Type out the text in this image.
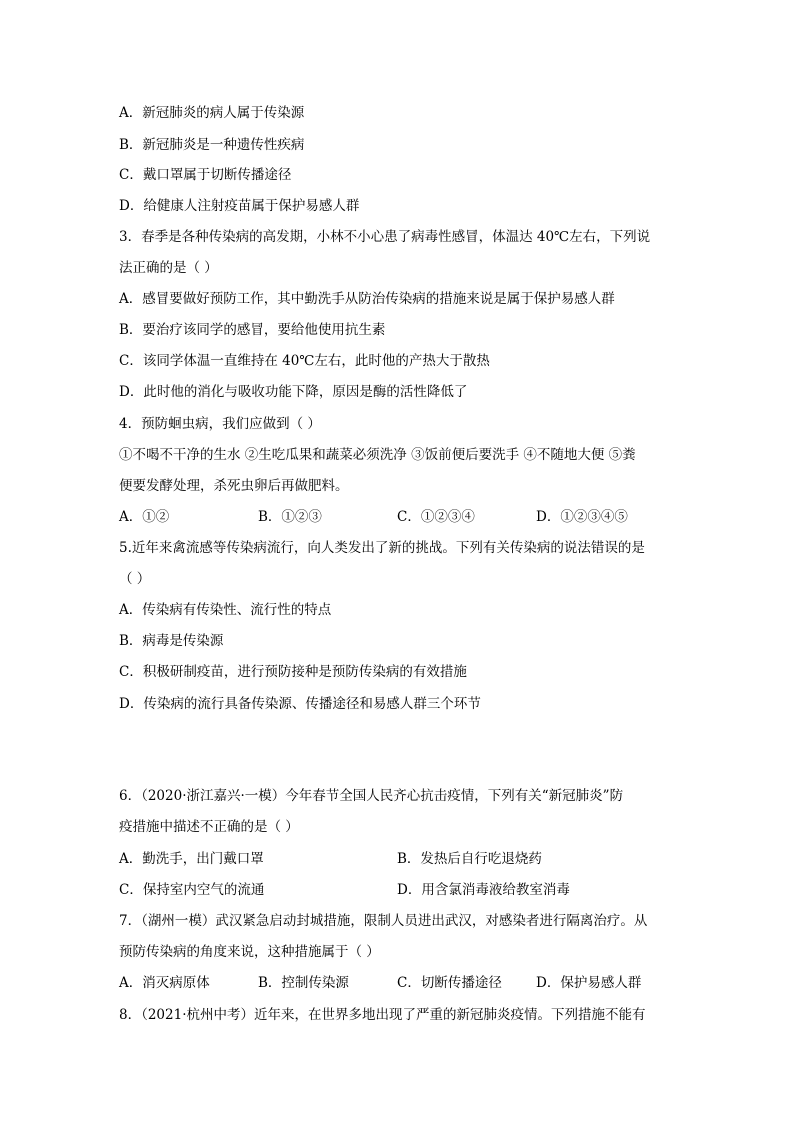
A．新冠肺炎的病人属于传染源
B．新冠肺炎是一种遗传性疾病
C．戴口罩属于切断传播途径
D．给健康人注射疫苗属于保护易感人群
3．春季是各种传染病的高发期，小林不小心患了病毒性感冒，体温达 40℃左右，下列说
法正确的是（ ）
A．感冒要做好预防工作，其中勤洗手从防治传染病的措施来说是属于保护易感人群
B．要治疗该同学的感冒，要给他使用抗生素
C．该同学体温一直维持在 40℃左右，此时他的产热大于散热
D．此时他的消化与吸收功能下降，原因是酶的活性降低了
4．预防蛔虫病，我们应做到（ ）
①不喝不干净的生水 ②生吃瓜果和蔬菜必须洗净 ③饭前便后要洗手 ④不随地大便 ⑤粪
便要发酵处理，杀死虫卵后再做肥料。
A．①②	B．①②③	C．①②③④	D．①②③④⑤
5.近年来禽流感等传染病流行，向人类发出了新的挑战。下列有关传染病的说法错误的是
（ ）
A．传染病有传染性、流行性的特点
B．病毒是传染源
C．积极研制疫苗，进行预防接种是预防传染病的有效措施
D．传染病的流行具备传染源、传播途径和易感人群三个环节
6．（2020·浙江嘉兴·一模）今年春节全国人民齐心抗击疫情，下列有关“新冠肺炎”防
疫措施中描述不正确的是（ ）
A．勤洗手，出门戴口罩	B．发热后自行吃退烧药
C．保持室内空气的流通	D．用含氯消毒液给教室消毒
7．（湖州一模）武汉紧急启动封城措施，限制人员进出武汉，对感染者进行隔离治疗。从
预防传染病的角度来说，这种措施属于（ ）
A．消灭病原体	B．控制传染源	C．切断传播途径	D．保护易感人群
8．（2021·杭州中考）近年来，在世界多地出现了严重的新冠肺炎疫情。下列措施不能有
